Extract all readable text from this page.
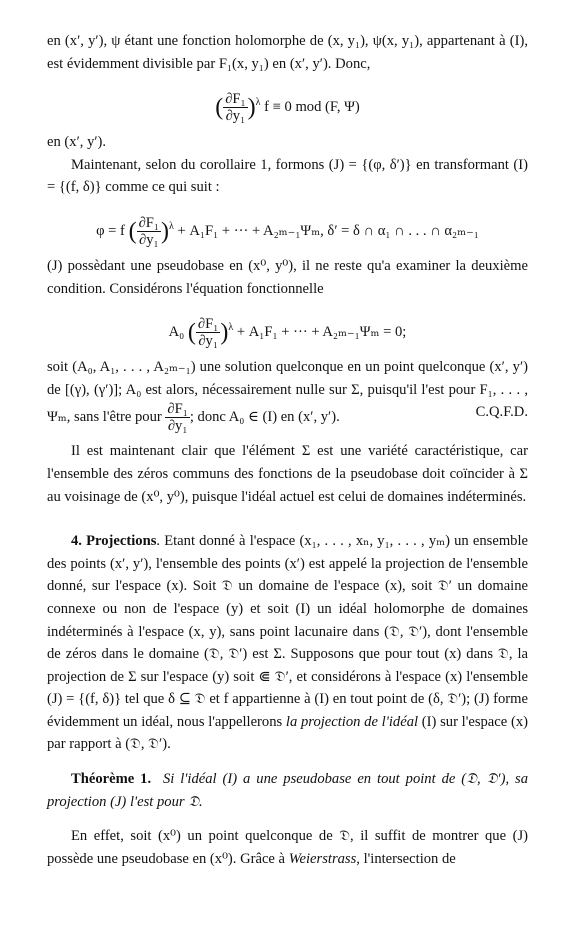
en (x′, y′), ψ étant une fonction holomorphe de (x, y₁), ψ(x, y₁), appartenant à (I), est évidemment divisible par F₁(x, y₁) en (x′, y′). Donc,

( $\frac{\text{∂F₁}}{\text{∂y₁}} )^\lambda$ f ≡ 0 mod (F, Ψ)

en (x′, y′).

Maintenant, selon du corollaire 1, formons (J) = {(φ, δ′)} en transformant (I) = {(f, δ)} comme ce qui suit :

φ = f ( $\frac{\text{∂F₁}}{\text{∂y₁}} )^\lambda + A_1F_1$ + ··· + A₂ₘ₋₁Ψₘ, δ′ = δ ∩ α₁ ∩ . . . ∩ α₂ₘ₋₁

(J) possèdant une pseudobase en (x⁰, y⁰), il ne reste qu'a examiner la deuxième condition. Considérons l'équation fonctionnelle

A₀ ( $\frac{\text{∂F₁}}{\text{∂y₁}} )^\lambda + A_1F_1$ + ··· + A₂ₘ₋₁Ψₘ = 0;

soit (A₀, A₁, . . . , A₂ₘ₋₁) une solution quelconque en un point quelconque (x′, y′) de [(γ), (γ′)]; A₀ est alors, nécessairement nulle sur Σ, puisqu'il l'est pour F₁, . . . , Ψₘ, sans l'être pour $\frac{\text{∂F₁}}{\text{∂y₁}}$ ; donc A₀ ∈ (I) en (x′, y′).	C.Q.F.D.

Il est maintenant clair que l'élément Σ est une variété caractéristique, car l'ensemble des zéros communs des fonctions de la pseudobase doit coïncider à Σ au voisinage de (x⁰, y⁰), puisque l'idéal actuel est celui de domaines indéterminés.

4. Projections. Etant donné à l'espace (x₁, . . . , xₙ, y₁, . . . , yₘ) un ensemble des points (x′, y′), l'ensemble des points (x′) est appelé la projection de l'ensemble donné, sur l'espace (x). Soit 𝔇 un domaine de l'espace (x), soit 𝔇′ un domaine connexe ou non de l'espace (y) et soit (I) un idéal holomorphe de domaines indéterminés à l'espace (x, y), sans point lacunaire dans (𝔇, 𝔇′), dont l'ensemble de zéros dans le domaine (𝔇, 𝔇′) est Σ. Supposons que pour tout (x) dans 𝔇, la projection de Σ sur l'espace (y) soit ⋐ 𝔇′, et considérons à l'espace (x) l'ensemble (J) = {(f, δ)} tel que δ ⊆ 𝔇 et f appartienne à (I) en tout point de (δ, 𝔇′); (J) forme évidemment un idéal, nous l'appellerons la projection de l'idéal (I) sur l'espace (x) par rapport à (𝔇, 𝔇′).

Théorème 1. Si l'idéal (I) a une pseudobase en tout point de (𝔇, 𝔇′), sa projection (J) l'est pour 𝔇.

En effet, soit (x⁰) un point quelconque de 𝔇, il suffit de montrer que (J) possède une pseudobase en (x⁰). Grâce à Weierstrass, l'intersection de
